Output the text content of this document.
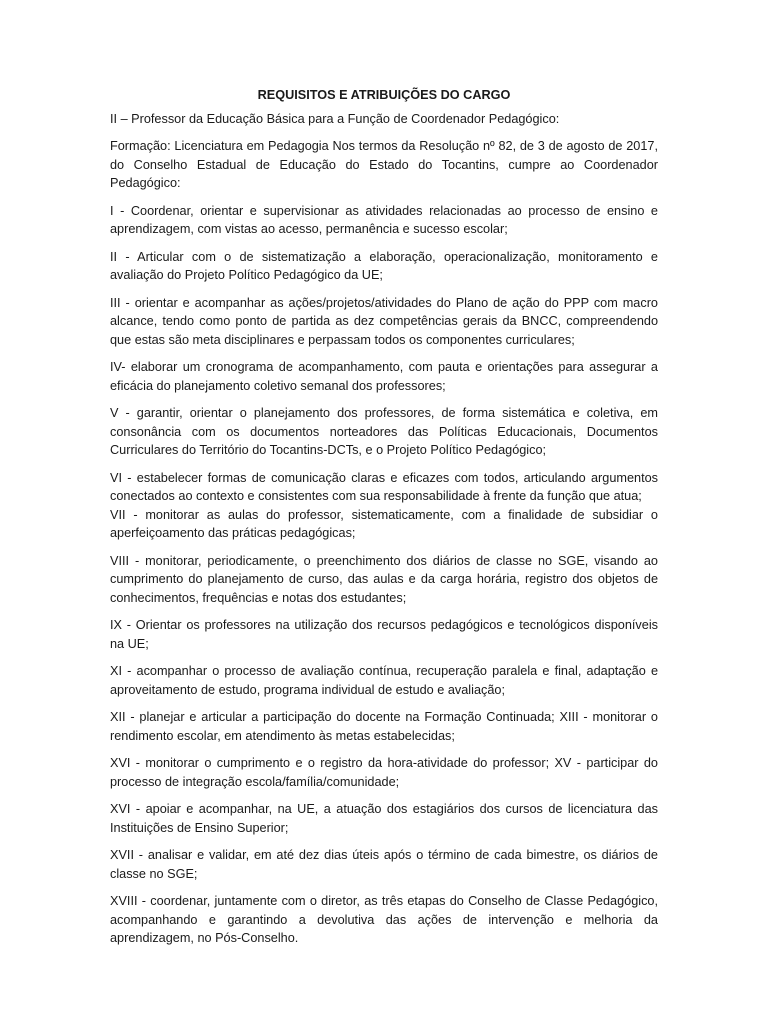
REQUISITOS E ATRIBUIÇÕES DO CARGO
II – Professor da Educação Básica para a Função de Coordenador Pedagógico:
Formação: Licenciatura em Pedagogia Nos termos da Resolução nº 82, de 3 de agosto de 2017, do Conselho Estadual de Educação do Estado do Tocantins, cumpre ao Coordenador Pedagógico:
I - Coordenar, orientar e supervisionar as atividades relacionadas ao processo de ensino e aprendizagem, com vistas ao acesso, permanência e sucesso escolar;
II - Articular com o de sistematização a elaboração, operacionalização, monitoramento e avaliação do Projeto Político Pedagógico da UE;
III - orientar e acompanhar as ações/projetos/atividades do Plano de ação do PPP com macro alcance, tendo como ponto de partida as dez competências gerais da BNCC, compreendendo que estas são meta disciplinares e perpassam todos os componentes curriculares;
IV- elaborar um cronograma de acompanhamento, com pauta e orientações para assegurar a eficácia do planejamento coletivo semanal dos professores;
V - garantir, orientar o planejamento dos professores, de forma sistemática e coletiva, em consonância com os documentos norteadores das Políticas Educacionais, Documentos Curriculares do Território do Tocantins-DCTs, e o Projeto Político Pedagógico;
VI - estabelecer formas de comunicação claras e eficazes com todos, articulando argumentos conectados ao contexto e consistentes com sua responsabilidade à frente da função que atua;
VII - monitorar as aulas do professor, sistematicamente, com a finalidade de subsidiar o aperfeiçoamento das práticas pedagógicas;
VIII - monitorar, periodicamente, o preenchimento dos diários de classe no SGE, visando ao cumprimento do planejamento de curso, das aulas e da carga horária, registro dos objetos de conhecimentos, frequências e notas dos estudantes;
IX - Orientar os professores na utilização dos recursos pedagógicos e tecnológicos disponíveis na UE;
XI - acompanhar o processo de avaliação contínua, recuperação paralela e final, adaptação e aproveitamento de estudo, programa individual de estudo e avaliação;
XII - planejar e articular a participação do docente na Formação Continuada; XIII - monitorar o rendimento escolar, em atendimento às metas estabelecidas;
XVI - monitorar o cumprimento e o registro da hora-atividade do professor; XV - participar do processo de integração escola/família/comunidade;
XVI - apoiar e acompanhar, na UE, a atuação dos estagiários dos cursos de licenciatura das Instituições de Ensino Superior;
XVII - analisar e validar, em até dez dias úteis após o término de cada bimestre, os diários de classe no SGE;
XVIII - coordenar, juntamente com o diretor, as três etapas do Conselho de Classe Pedagógico, acompanhando e garantindo a devolutiva das ações de intervenção e melhoria da aprendizagem, no Pós-Conselho.
